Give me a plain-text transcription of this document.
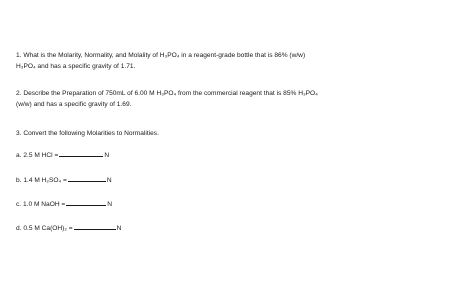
1. What is the Molarity, Normality, and Molality of H₃PO₄ in a reagent-grade bottle that is 86% (w/w)
H₃PO₄ and has a specific gravity of 1.71.
2. Describe the Preparation of 750mL of 6.00 M H₃PO₄ from the commercial reagent that is 85% H₃PO₄
(w/w) and has a specific gravity of 1.69.
3. Convert the following Molarities to Normalities.
a. 2.5 M HCl =	N
b. 1.4 M H₂SO₄ =	N
c. 1.0 M NaOH =	N
d. 0.5 M Ca(OH)₂ =	N
